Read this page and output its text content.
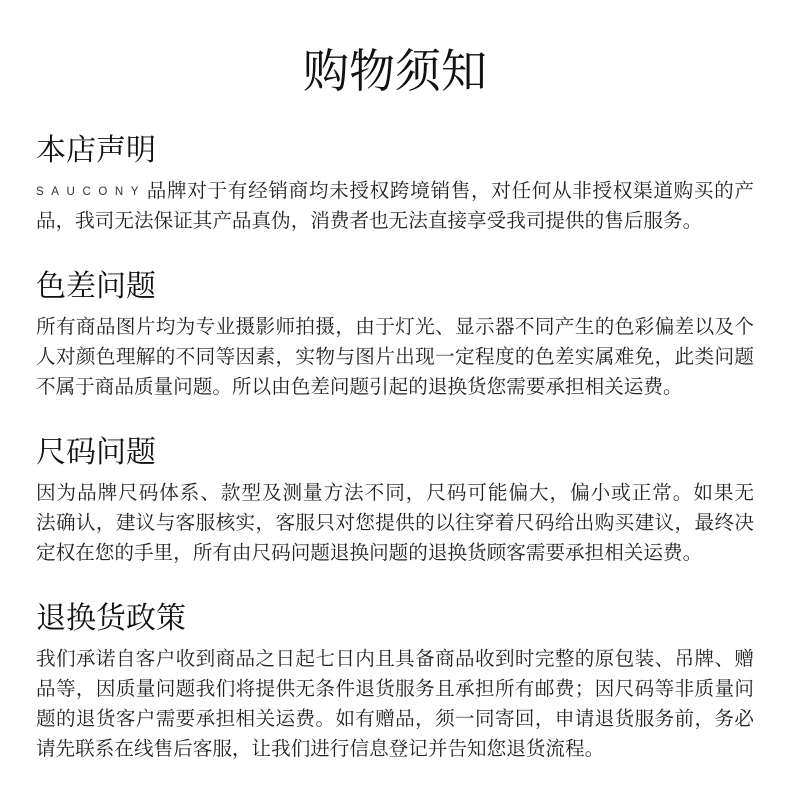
购物须知
本店声明
SAUCONY品牌对于有经销商均未授权跨境销售，对任何从非授权渠道购买的产
品，我司无法保证其产品真伪，消费者也无法直接享受我司提供的售后服务。
色差问题
所有商品图片均为专业摄影师拍摄，由于灯光、显示器不同产生的色彩偏差以及个
人对颜色理解的不同等因素，实物与图片出现一定程度的色差实属难免，此类问题
不属于商品质量问题。所以由色差问题引起的退换货您需要承担相关运费。
尺码问题
因为品牌尺码体系、款型及测量方法不同，尺码可能偏大，偏小或正常。如果无
法确认，建议与客服核实，客服只对您提供的以往穿着尺码给出购买建议，最终决
定权在您的手里，所有由尺码问题退换问题的退换货顾客需要承担相关运费。
退换货政策
我们承诺自客户收到商品之日起七日内且具备商品收到时完整的原包装、吊牌、赠
品等，因质量问题我们将提供无条件退货服务且承担所有邮费；因尺码等非质量问
题的退货客户需要承担相关运费。如有赠品，须一同寄回，申请退货服务前，务必
请先联系在线售后客服，让我们进行信息登记并告知您退货流程。
